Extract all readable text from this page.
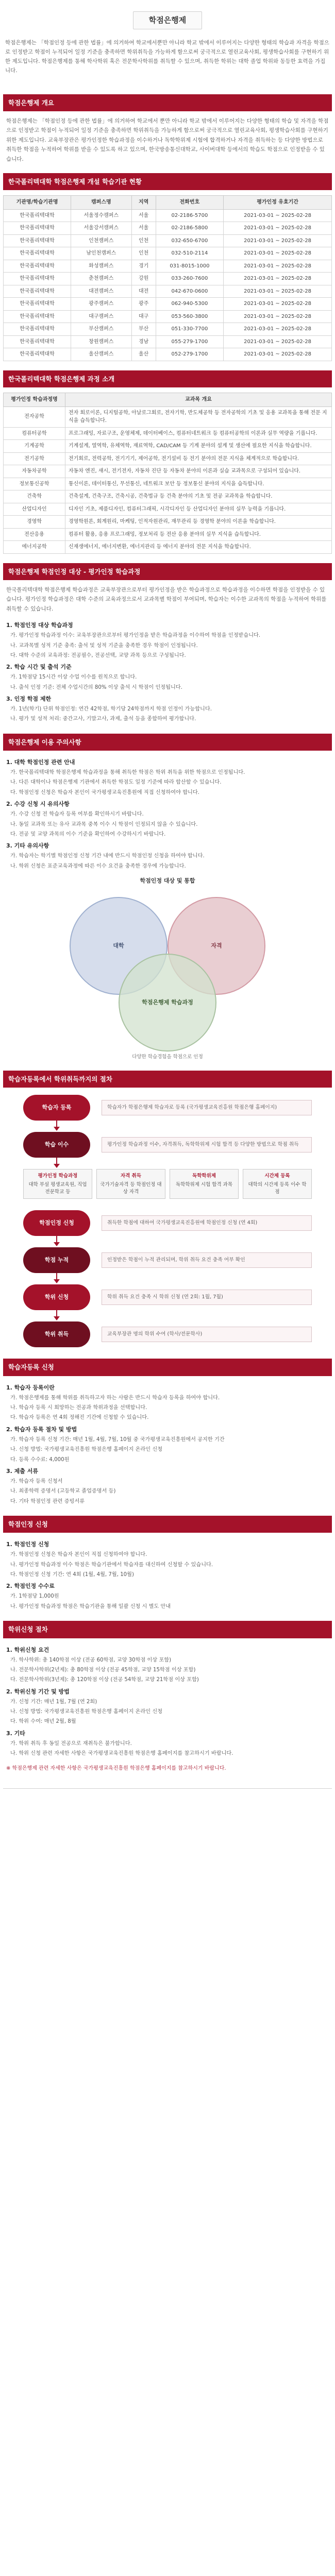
학점은행제
학점은행제는 「학점인정 등에 관한 법률」에 의거하여 학교에서뿐만 아니라 학교 밖에서 이루어지는 다양한 형태의 학습과 자격을 학점으로 인정받고 학점이 누적되어 일정 기준을 충족하면 학위취득을 가능하게 함으로써 궁극적으로 열린교육사회, 평생학습사회를 구현하기 위한 제도입니다. 학점은행제를 통해 학사학위 혹은 전문학사학위를 취득할 수 있으며, 취득한 학위는 대학 졸업 학위와 동등한 효력을 가집니다.
학점은행제 개요
학점은행제는 「학점인정 등에 관한 법률」에 의거하여 학교에서 뿐만 아니라 학교 밖에서 이루어지는 다양한 형태의 학습 및 자격을 학점으로 인정받고 학점이 누적되어 일정 기준을 충족하면 학위취득을 가능하게 함으로써 궁극적으로 열린교육사회, 평생학습사회를 구현하기 위한 제도입니다. 교육부장관은 평가인정한 학습과정을 이수하거나 독학학위제 시험에 합격하거나 자격을 취득하는 등 다양한 방법으로 취득한 학점을 누적하여 학위를 받을 수 있도록 하고 있으며, 한국방송통신대학교, 사이버대학 등에서의 학습도 학점으로 인정받을 수 있습니다.
한국폴리텍대학 학점은행제 개설 학습기관 현황
기관명/학습기관명	캠퍼스명	지역	전화번호	평가인정 유효기간
한국폴리텍대학	서울정수캠퍼스	서울	02-2186-5700	2021-03-01 ~ 2025-02-28
한국폴리텍대학	서울강서캠퍼스	서울	02-2186-5800	2021-03-01 ~ 2025-02-28
한국폴리텍대학	인천캠퍼스	인천	032-650-6700	2021-03-01 ~ 2025-02-28
한국폴리텍대학	남인천캠퍼스	인천	032-510-2114	2021-03-01 ~ 2025-02-28
한국폴리텍대학	화성캠퍼스	경기	031-8015-1000	2021-03-01 ~ 2025-02-28
한국폴리텍대학	춘천캠퍼스	강원	033-260-7600	2021-03-01 ~ 2025-02-28
한국폴리텍대학	대전캠퍼스	대전	042-670-0600	2021-03-01 ~ 2025-02-28
한국폴리텍대학	광주캠퍼스	광주	062-940-5300	2021-03-01 ~ 2025-02-28
한국폴리텍대학	대구캠퍼스	대구	053-560-3800	2021-03-01 ~ 2025-02-28
한국폴리텍대학	부산캠퍼스	부산	051-330-7700	2021-03-01 ~ 2025-02-28
한국폴리텍대학	창원캠퍼스	경남	055-279-1700	2021-03-01 ~ 2025-02-28
한국폴리텍대학	울산캠퍼스	울산	052-279-1700	2021-03-01 ~ 2025-02-28
한국폴리텍대학 학점은행제 과정 소개
평가인정 학습과정명	교과목 개요
전자공학	전자 회로이론, 디지털공학, 아날로그회로, 전자기학, 반도체공학 등 전자공학의 기초 및 응용 교과목을 통해 전문 지식을 습득합니다.
컴퓨터공학	프로그래밍, 자료구조, 운영체제, 데이터베이스, 컴퓨터네트워크 등 컴퓨터공학의 이론과 실무 역량을 기릅니다.
기계공학	기계설계, 열역학, 유체역학, 재료역학, CAD/CAM 등 기계 분야의 설계 및 생산에 필요한 지식을 학습합니다.
전기공학	전기회로, 전력공학, 전기기기, 제어공학, 전기설비 등 전기 분야의 전문 지식을 체계적으로 학습합니다.
자동차공학	자동차 엔진, 섀시, 전기전자, 자동차 진단 등 자동차 분야의 이론과 실습 교과목으로 구성되어 있습니다.
정보통신공학	통신이론, 데이터통신, 무선통신, 네트워크 보안 등 정보통신 분야의 지식을 습득합니다.
건축학	건축설계, 건축구조, 건축시공, 건축법규 등 건축 분야의 기초 및 전공 교과목을 학습합니다.
산업디자인	디자인 기초, 제품디자인, 컴퓨터그래픽, 시각디자인 등 산업디자인 분야의 실무 능력을 기릅니다.
경영학	경영학원론, 회계원리, 마케팅, 인적자원관리, 재무관리 등 경영학 분야의 이론을 학습합니다.
전산응용	컴퓨터 활용, 응용 프로그래밍, 정보처리 등 전산 응용 분야의 실무 지식을 습득합니다.
에너지공학	신재생에너지, 에너지변환, 에너지관리 등 에너지 분야의 전문 지식을 학습합니다.
학점은행제 학점인정 대상 - 평가인정 학습과정
한국폴리텍대학 학점은행제 학습과정은 교육부장관으로부터 평가인정을 받은 학습과정으로 학습과정을 이수하면 학점을 인정받을 수 있습니다. 평가인정 학습과정은 대학 수준의 교육과정으로서 교과목별 학점이 부여되며, 학습자는 이수한 교과목의 학점을 누적하여 학위를 취득할 수 있습니다.
1. 학점인정 대상 학습과정
가. 평가인정 학습과정 이수: 교육부장관으로부터 평가인정을 받은 학습과정을 이수하여 학점을 인정받습니다.
나. 교과목별 성적 기준 충족: 출석 및 성적 기준을 충족한 경우 학점이 인정됩니다.
다. 대학 수준의 교육과정: 전공필수, 전공선택, 교양 과목 등으로 구성됩니다.
2. 학습 시간 및 출석 기준
가. 1학점당 15시간 이상 수업 이수를 원칙으로 합니다.
나. 출석 인정 기준: 전체 수업시간의 80% 이상 출석 시 학점이 인정됩니다.
3. 인정 학점 제한
가. 1년(학기) 단위 학점인정: 연간 42학점, 학기당 24학점까지 학점 인정이 가능합니다.
나. 평가 및 성적 처리: 중간고사, 기말고사, 과제, 출석 등을 종합하여 평가합니다.
학점은행제 이용 주의사항
1. 대학 학점인정 관련 안내
가. 한국폴리텍대학 학점은행제 학습과정을 통해 취득한 학점은 학위 취득을 위한 학점으로 인정됩니다.
나. 다른 대학이나 학점은행제 기관에서 취득한 학점도 일정 기준에 따라 합산할 수 있습니다.
다. 학점인정 신청은 학습자 본인이 국가평생교육진흥원에 직접 신청하여야 합니다.
2. 수강 신청 시 유의사항
가. 수강 신청 전 학습자 등록 여부를 확인하시기 바랍니다.
나. 동일 교과목 또는 유사 교과목 중복 이수 시 학점이 인정되지 않을 수 있습니다.
다. 전공 및 교양 과목의 이수 기준을 확인하여 수강하시기 바랍니다.
3. 기타 유의사항
가. 학습자는 학기별 학점인정 신청 기간 내에 반드시 학점인정 신청을 하여야 합니다.
나. 학위 신청은 표준교육과정에 따른 이수 요건을 충족한 경우에 가능합니다.
학점인정 대상 및 통합
대학	자격
학점은행제 학습과정
다양한 학습경험을 학점으로 인정
학습자등록에서 학위취득까지의 절차
학습자 등록	학습자가 학점은행제 학습자로 등록 (국가평생교육진흥원 학점은행 홈페이지)
학습 이수	평가인정 학습과정 이수, 자격취득, 독학학위제 시험 합격 등 다양한 방법으로 학점 취득
평가인정 학습과정
대학 부설 평생교육원, 직업전문학교 등
자격 취득
국가기술자격 등 학점인정 대상 자격
독학학위제
독학학위제 시험 합격 과목
시간제 등록
대학의 시간제 등록 이수 학점
학점인정 신청	취득한 학점에 대하여 국가평생교육진흥원에 학점인정 신청 (연 4회)
학점 누적	인정받은 학점이 누적 관리되며, 학위 취득 요건 충족 여부 확인
학위 신청	학위 취득 요건 충족 시 학위 신청 (연 2회: 1월, 7월)
학위 취득	교육부장관 명의 학위 수여 (학사/전문학사)
학습자등록 신청
1. 학습자 등록이란
가. 학점은행제를 통해 학위를 취득하고자 하는 사람은 반드시 학습자 등록을 하여야 합니다.
나. 학습자 등록 시 희망하는 전공과 학위과정을 선택합니다.
다. 학습자 등록은 연 4회 정해진 기간에 신청할 수 있습니다.
2. 학습자 등록 절차 및 방법
가. 학습자 등록 신청 기간: 매년 1월, 4월, 7월, 10월 중 국가평생교육진흥원에서 공지한 기간
나. 신청 방법: 국가평생교육진흥원 학점은행 홈페이지 온라인 신청
다. 등록 수수료: 4,000원
3. 제출 서류
가. 학습자 등록 신청서
나. 최종학력 증명서 (고등학교 졸업증명서 등)
다. 기타 학점인정 관련 증빙서류
학점인정 신청
1. 학점인정 신청
가. 학점인정 신청은 학습자 본인이 직접 신청하여야 합니다.
나. 평가인정 학습과정 이수 학점은 학습기관에서 학습자를 대신하여 신청할 수 있습니다.
다. 학점인정 신청 기간: 연 4회 (1월, 4월, 7월, 10월)
2. 학점인정 수수료
가. 1학점당 1,000원
나. 평가인정 학습과정 학점은 학습기관을 통해 일괄 신청 시 별도 안내
학위신청 절차
1. 학위신청 요건
가. 학사학위: 총 140학점 이상 (전공 60학점, 교양 30학점 이상 포함)
나. 전문학사학위(2년제): 총 80학점 이상 (전공 45학점, 교양 15학점 이상 포함)
다. 전문학사학위(3년제): 총 120학점 이상 (전공 54학점, 교양 21학점 이상 포함)
2. 학위신청 기간 및 방법
가. 신청 기간: 매년 1월, 7월 (연 2회)
나. 신청 방법: 국가평생교육진흥원 학점은행 홈페이지 온라인 신청
다. 학위 수여: 매년 2월, 8월
3. 기타
가. 학위 취득 후 동일 전공으로 재취득은 불가합니다.
나. 학위 신청 관련 자세한 사항은 국가평생교육진흥원 학점은행 홈페이지를 참고하시기 바랍니다.
※ 학점은행제 관련 자세한 사항은 국가평생교육진흥원 학점은행 홈페이지를 참고하시기 바랍니다.
